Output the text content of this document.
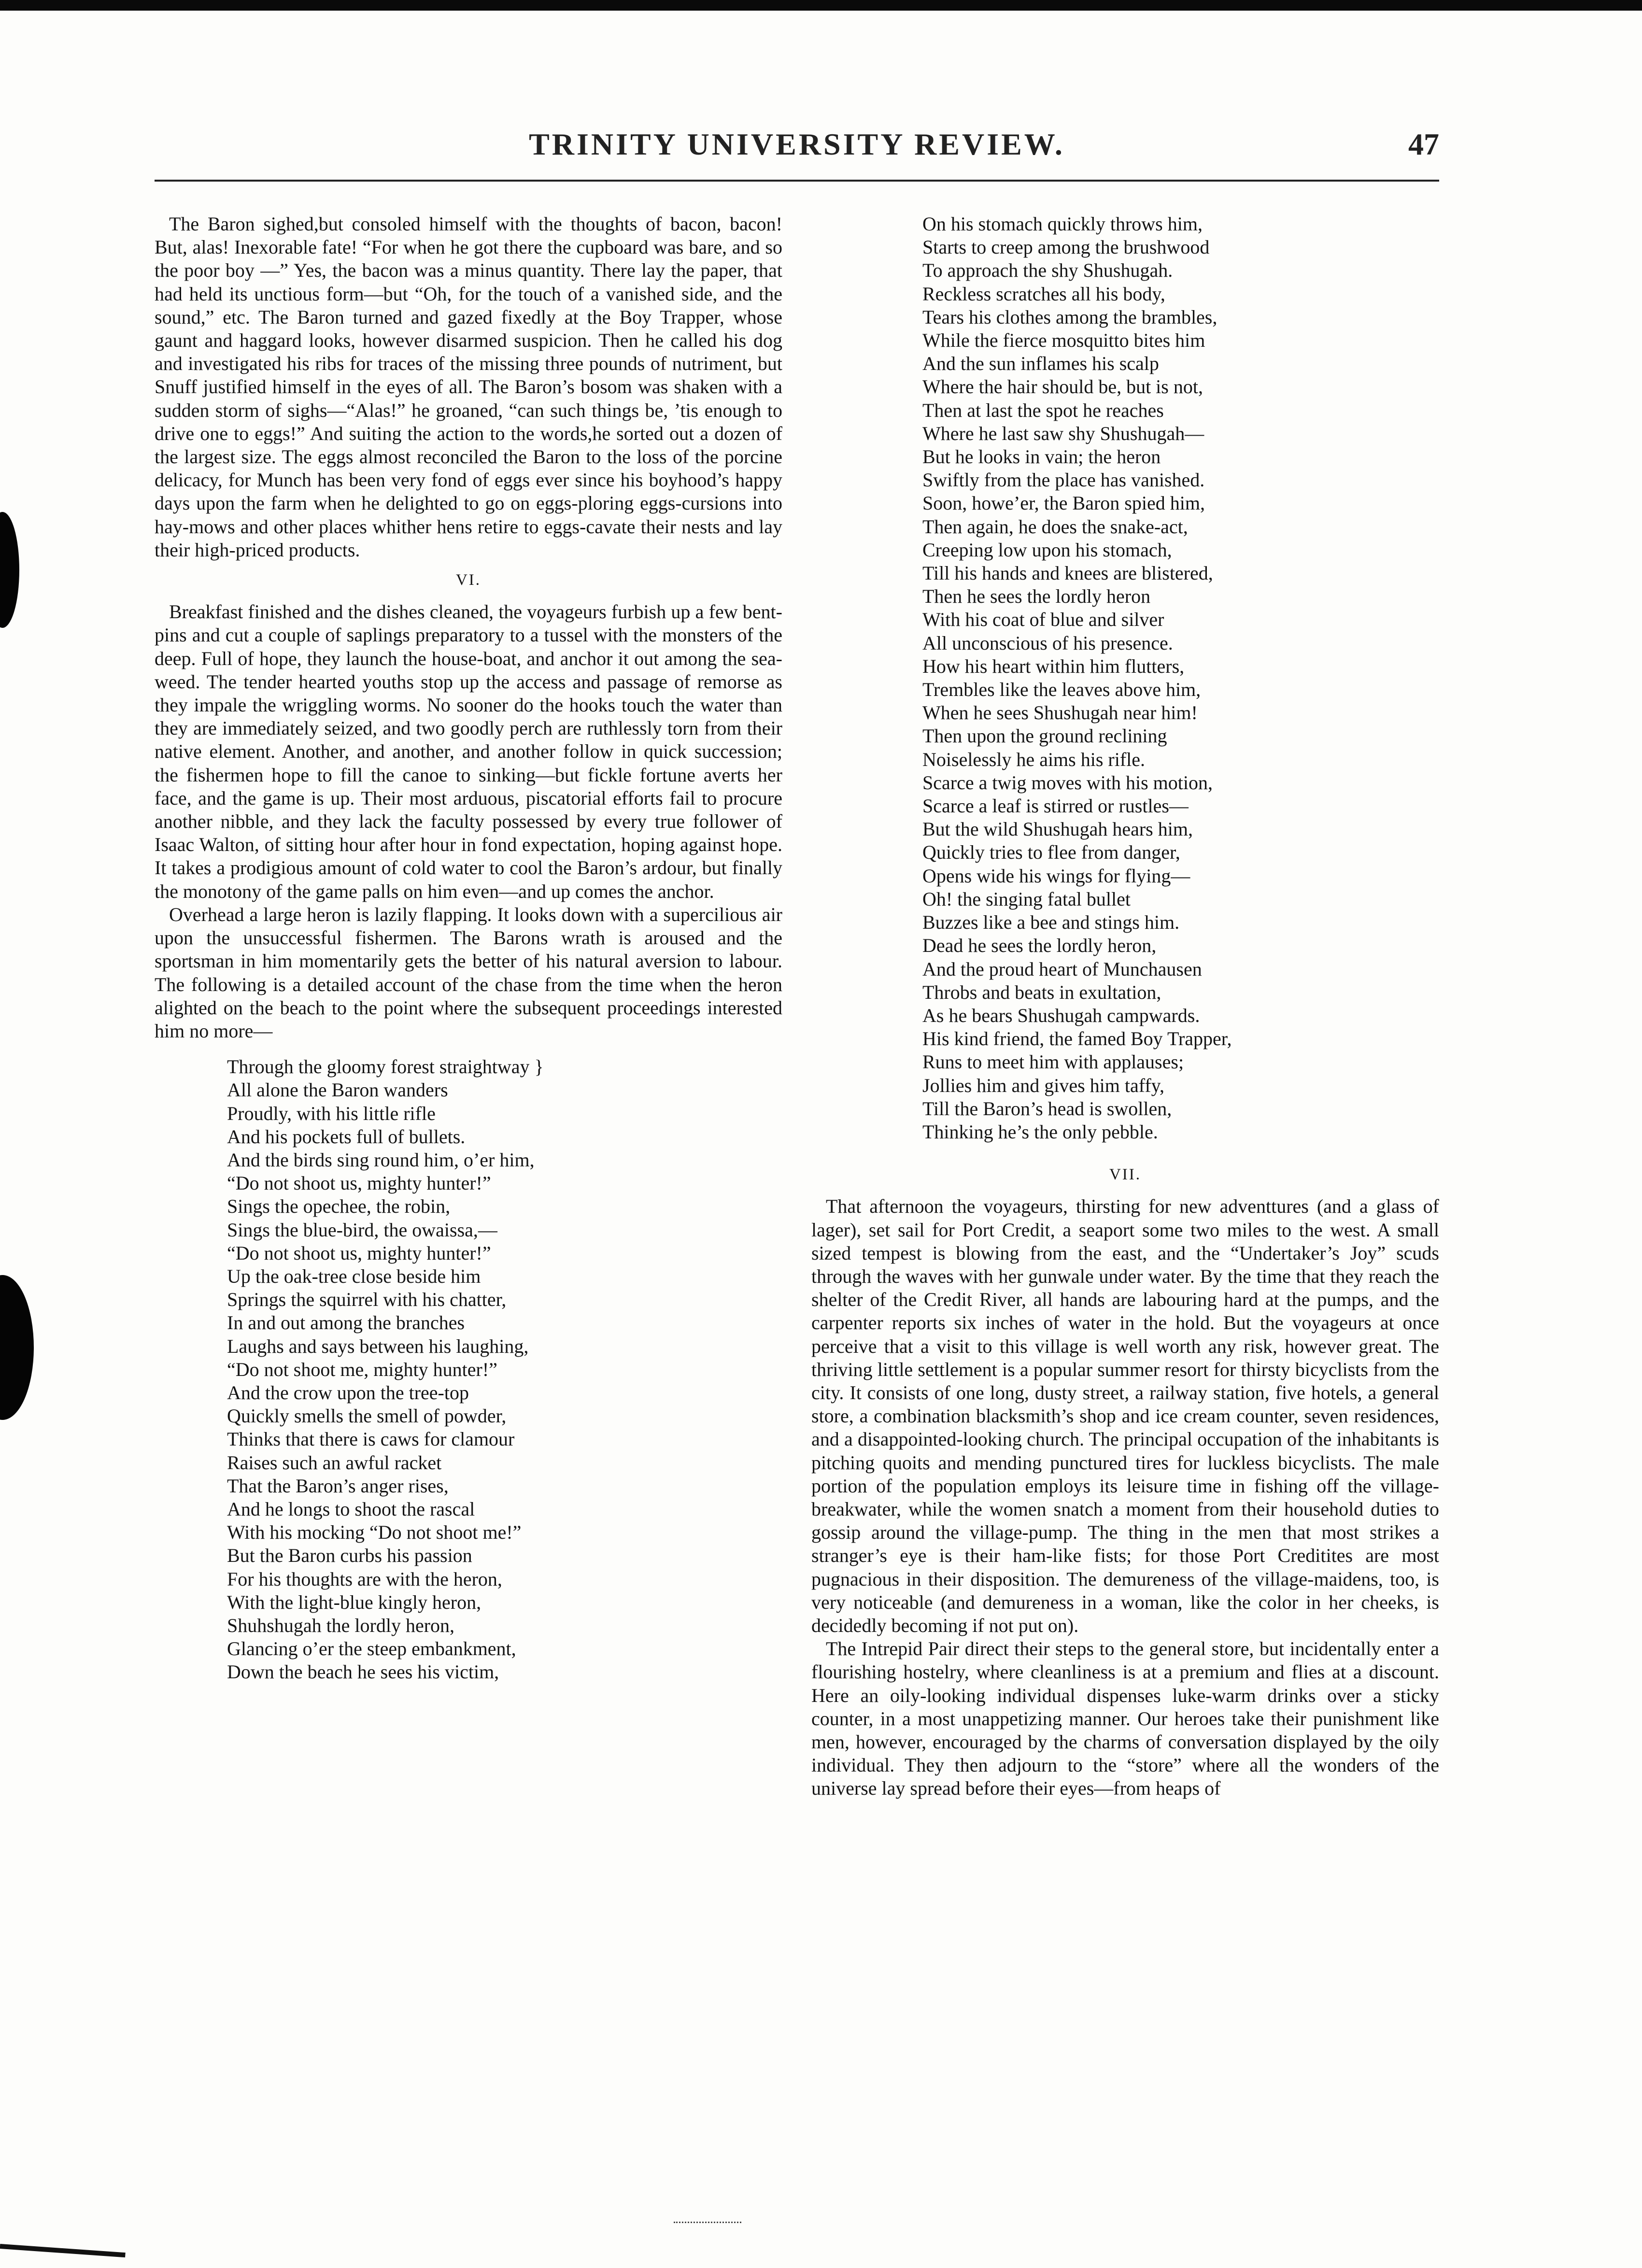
TRINITY UNIVERSITY REVIEW.	47

The Baron sighed,but consoled himself with the thoughts of bacon, bacon! But, alas! Inexorable fate! “For when he got there the cupboard was bare, and so the poor boy —” Yes, the bacon was a minus quantity. There lay the paper, that had held its unctious form—but “Oh, for the touch of a vanished side, and the sound,” etc. The Baron turned and gazed fixedly at the Boy Trapper, whose gaunt and haggard looks, however disarmed suspicion. Then he called his dog and investigated his ribs for traces of the missing three pounds of nutriment, but Snuff justified himself in the eyes of all. The Baron’s bosom was shaken with a sudden storm of sighs—“Alas!” he groaned, “can such things be, ’tis enough to drive one to eggs!” And suiting the action to the words,he sorted out a dozen of the largest size. The eggs almost reconciled the Baron to the loss of the porcine delicacy, for Munch has been very fond of eggs ever since his boyhood’s happy days upon the farm when he delighted to go on eggs-ploring eggs-cursions into hay-mows and other places whither hens retire to eggs-cavate their nests and lay their high-priced products.

VI.

Breakfast finished and the dishes cleaned, the voyageurs furbish up a few bent-pins and cut a couple of saplings preparatory to a tussel with the monsters of the deep. Full of hope, they launch the house-boat, and anchor it out among the sea-weed. The tender hearted youths stop up the access and passage of remorse as they impale the wriggling worms. No sooner do the hooks touch the water than they are immediately seized, and two goodly perch are ruthlessly torn from their native element. Another, and another, and another follow in quick succession; the fishermen hope to fill the canoe to sinking—but fickle fortune averts her face, and the game is up. Their most arduous, piscatorial efforts fail to procure another nibble, and they lack the faculty possessed by every true follower of Isaac Walton, of sitting hour after hour in fond expectation, hoping against hope. It takes a prodigious amount of cold water to cool the Baron’s ardour, but finally the monotony of the game palls on him even—and up comes the anchor.

Overhead a large heron is lazily flapping. It looks down with a supercilious air upon the unsuccessful fishermen. The Barons wrath is aroused and the sportsman in him momentarily gets the better of his natural aversion to labour. The following is a detailed account of the chase from the time when the heron alighted on the beach to the point where the subsequent proceedings interested him no more—

Through the gloomy forest straightway }
All alone the Baron wanders
Proudly, with his little rifle
And his pockets full of bullets.
And the birds sing round him, o’er him,
“Do not shoot us, mighty hunter!”
Sings the opechee, the robin,
Sings the blue-bird, the owaissa,—
“Do not shoot us, mighty hunter!”
Up the oak-tree close beside him
Springs the squirrel with his chatter,
In and out among the branches
Laughs and says between his laughing,
“Do not shoot me, mighty hunter!”
And the crow upon the tree-top
Quickly smells the smell of powder,
Thinks that there is caws for clamour
Raises such an awful racket
That the Baron’s anger rises,
And he longs to shoot the rascal
With his mocking “Do not shoot me!”
But the Baron curbs his passion
For his thoughts are with the heron,
With the light-blue kingly heron,
Shuhshugah the lordly heron,
Glancing o’er the steep embankment,
Down the beach he sees his victim,
On his stomach quickly throws him,
Starts to creep among the brushwood
To approach the shy Shushugah.
Reckless scratches all his body,
Tears his clothes among the brambles,
While the fierce mosquitto bites him
And the sun inflames his scalp
Where the hair should be, but is not,
Then at last the spot he reaches
Where he last saw shy Shushugah—
But he looks in vain; the heron
Swiftly from the place has vanished.
Soon, howe’er, the Baron spied him,
Then again, he does the snake-act,
Creeping low upon his stomach,
Till his hands and knees are blistered,
Then he sees the lordly heron
With his coat of blue and silver
All unconscious of his presence.
How his heart within him flutters,
Trembles like the leaves above him,
When he sees Shushugah near him!
Then upon the ground reclining
Noiselessly he aims his rifle.
Scarce a twig moves with his motion,
Scarce a leaf is stirred or rustles—
But the wild Shushugah hears him,
Quickly tries to flee from danger,
Opens wide his wings for flying—
Oh! the singing fatal bullet
Buzzes like a bee and stings him.
Dead he sees the lordly heron,
And the proud heart of Munchausen
Throbs and beats in exultation,
As he bears Shushugah campwards.
His kind friend, the famed Boy Trapper,
Runs to meet him with applauses;
Jollies him and gives him taffy,
Till the Baron’s head is swollen,
Thinking he’s the only pebble.
VII.

That afternoon the voyageurs, thirsting for new adventtures (and a glass of lager), set sail for Port Credit, a seaport some two miles to the west. A small sized tempest is blowing from the east, and the “Undertaker’s Joy” scuds through the waves with her gunwale under water. By the time that they reach the shelter of the Credit River, all hands are labouring hard at the pumps, and the carpenter reports six inches of water in the hold. But the voyageurs at once perceive that a visit to this village is well worth any risk, however great. The thriving little settlement is a popular summer resort for thirsty bicyclists from the city. It consists of one long, dusty street, a railway station, five hotels, a general store, a combination blacksmith’s shop and ice cream counter, seven residences, and a disappointed-looking church. The principal occupation of the inhabitants is pitching quoits and mending punctured tires for luckless bicyclists. The male portion of the population employs its leisure time in fishing off the village-breakwater, while the women snatch a moment from their household duties to gossip around the village-pump. The thing in the men that most strikes a stranger’s eye is their ham-like fists; for those Port Creditites are most pugnacious in their disposition. The demureness of the village-maidens, too, is very noticeable (and demureness in a woman, like the color in her cheeks, is decidedly becoming if not put on).

The Intrepid Pair direct their steps to the general store, but incidentally enter a flourishing hostelry, where cleanliness is at a premium and flies at a discount. Here an oily-looking individual dispenses luke-warm drinks over a sticky counter, in a most unappetizing manner. Our heroes take their punishment like men, however, encouraged by the charms of conversation displayed by the oily individual. They then adjourn to the “store” where all the wonders of the universe lay spread before their eyes—from heaps of
